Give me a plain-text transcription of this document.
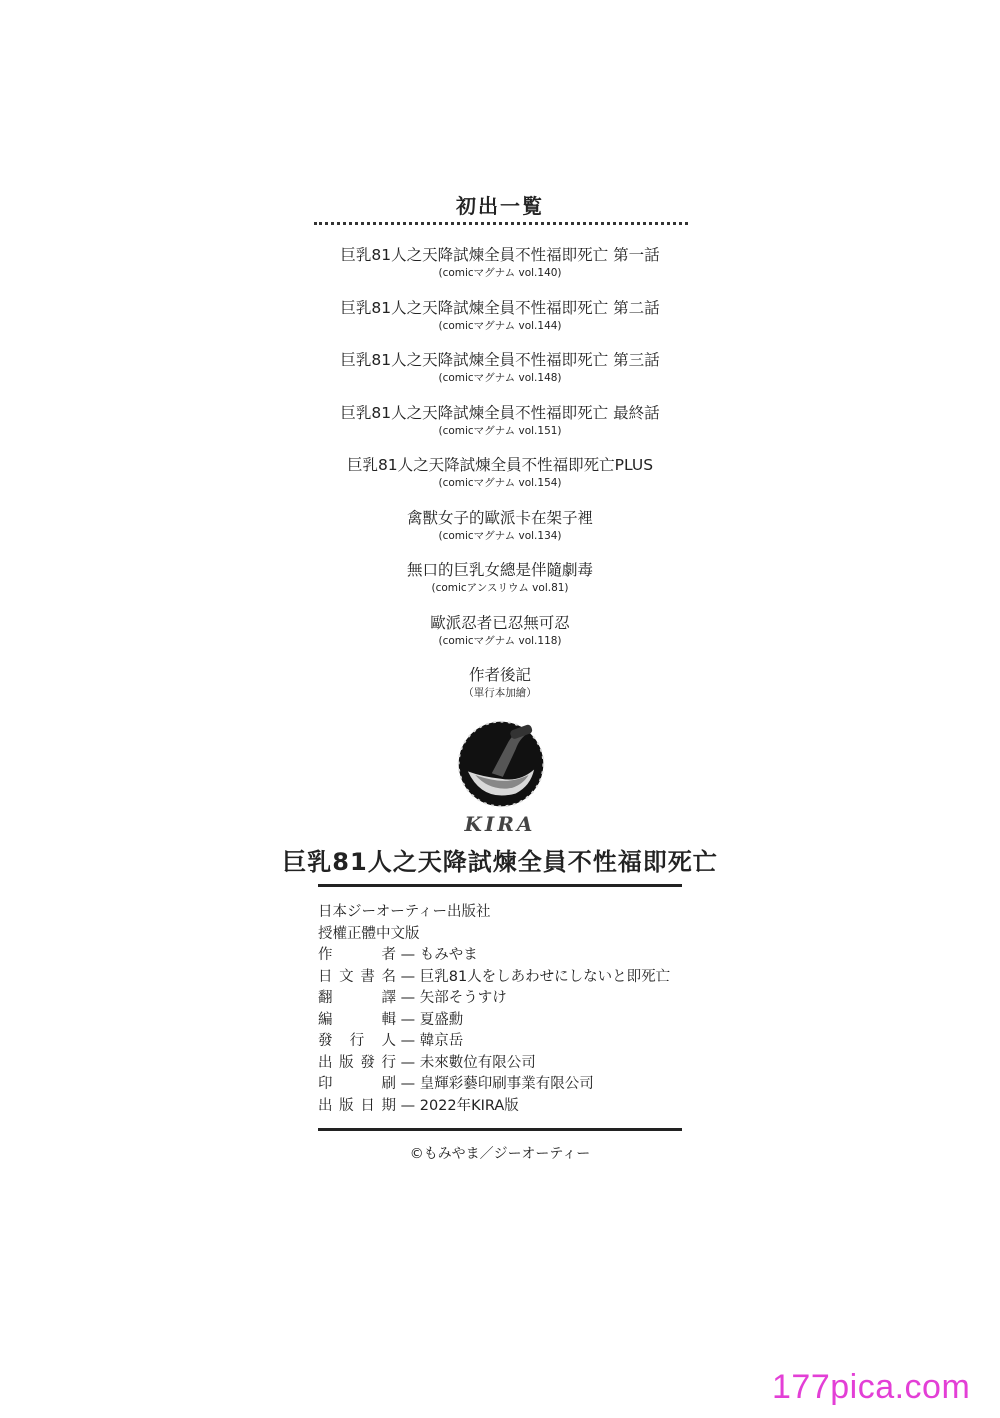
初出一覧
巨乳81人之天降試煉全員不性福即死亡 第一話
(comicマグナム vol.140)
巨乳81人之天降試煉全員不性福即死亡 第二話
(comicマグナム vol.144)
巨乳81人之天降試煉全員不性福即死亡 第三話
(comicマグナム vol.148)
巨乳81人之天降試煉全員不性福即死亡 最終話
(comicマグナム vol.151)
巨乳81人之天降試煉全員不性福即死亡PLUS
(comicマグナム vol.154)
禽獸女子的歐派卡在架子裡
(comicマグナム vol.134)
無口的巨乳女總是伴隨劇毒
(comicアンスリウム vol.81)
歐派忍者已忍無可忍
(comicマグナム vol.118)
作者後記
（單行本加繪）
KIRA
巨乳81人之天降試煉全員不性福即死亡
日本ジーオーティー出版社
授權正體中文版
作　者 — もみやま
日文書名 — 巨乳81人をしあわせにしないと即死亡
翻　譯 — 矢部そうすけ
編　輯 — 夏盛勳
發行人 — 韓京岳
出版發行 — 未來數位有限公司
印　刷 — 皇輝彩藝印刷事業有限公司
出版日期 — 2022年KIRA版
©もみやま／ジーオーティー
177pica.com
